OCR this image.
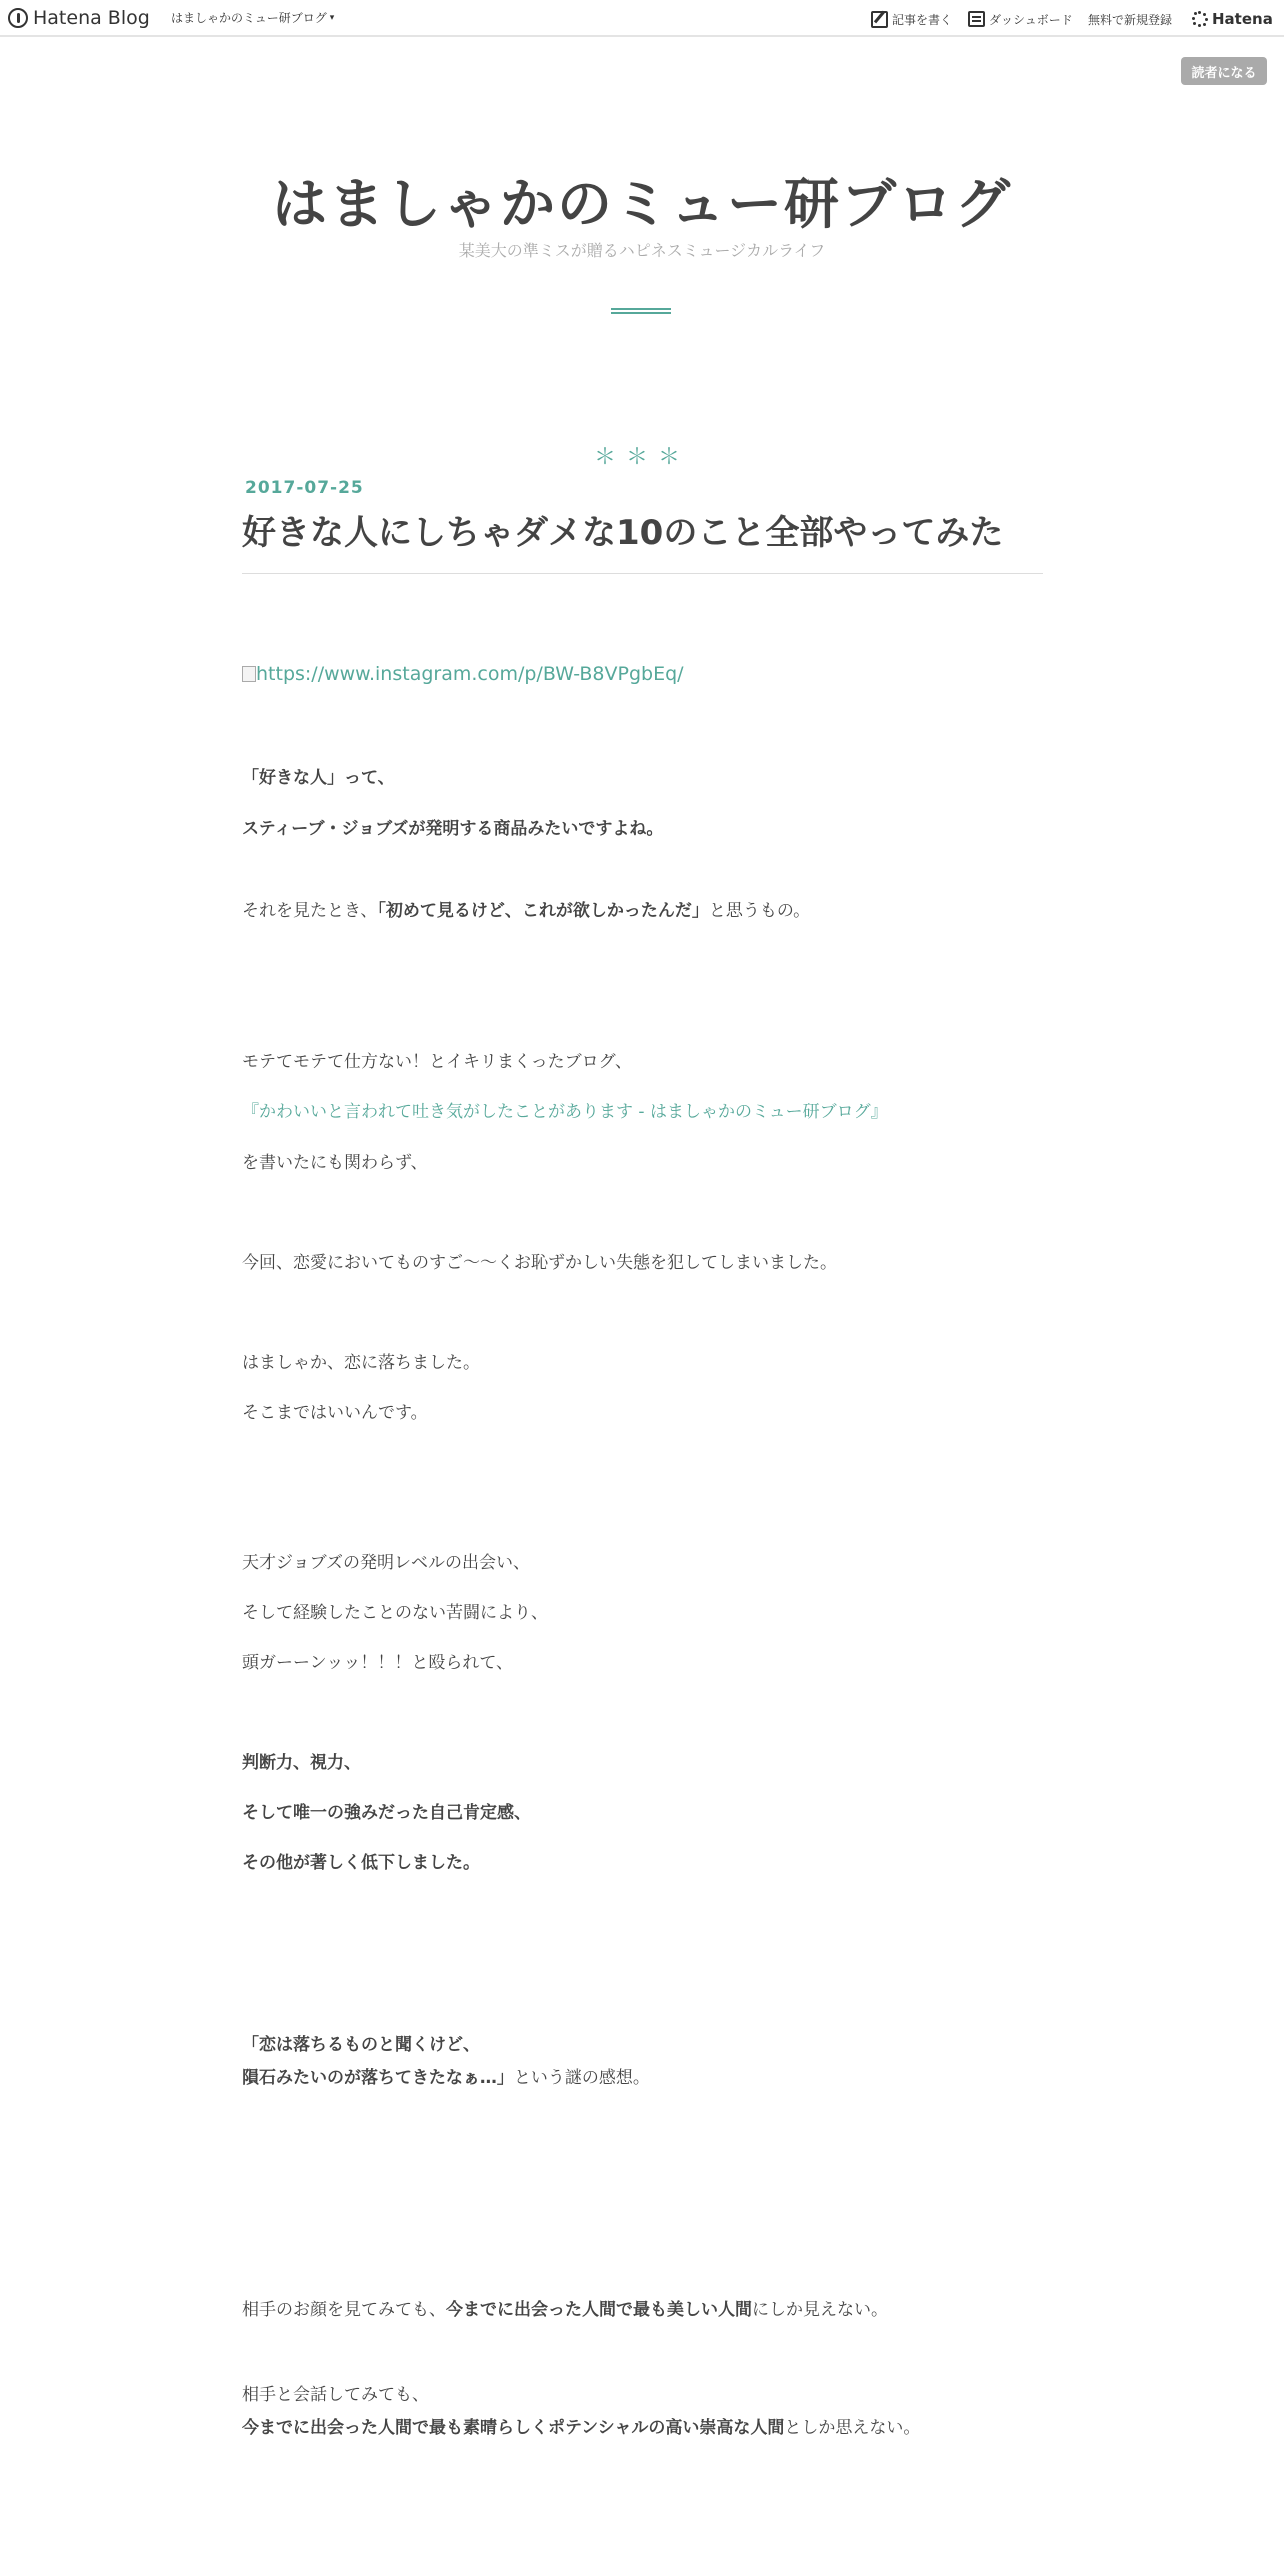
Hatena Blog はましゃかのミュー研ブログ ▾	記事を書く	ダッシュボード 無料で新規登録	Hatena
読者になる
はましゃかのミュー研ブログ
某美大の準ミスが贈るハピネスミュージカルライフ
＊＊＊
2017-07-25
好きな人にしちゃダメな10のこと全部やってみた
https://www.instagram.com/p/BW-B8VPgbEq/
「好きな人」って、
スティーブ・ジョブズが発明する商品みたいですよね。
それを見たとき、「初めて見るけど、これが欲しかったんだ」と思うもの。
モテてモテて仕方ない！とイキリまくったブログ、
『かわいいと言われて吐き気がしたことがあります - はましゃかのミュー研ブログ』
を書いたにも関わらず、
今回、恋愛においてものすご〜〜くお恥ずかしい失態を犯してしまいました。
はましゃか、恋に落ちました。
そこまではいいんです。
天才ジョブズの発明レベルの出会い、
そして経験したことのない苦闘により、
頭ガーーンッッ！！！と殴られて、
判断力、視力、
そして唯一の強みだった自己肯定感、
その他が著しく低下しました。
「恋は落ちるものと聞くけど、
隕石みたいのが落ちてきたなぁ…」という謎の感想。
相手のお顔を見てみても、今までに出会った人間で最も美しい人間にしか見えない。
相手と会話してみても、
今までに出会った人間で最も素晴らしくポテンシャルの高い崇高な人間としか思えない。
